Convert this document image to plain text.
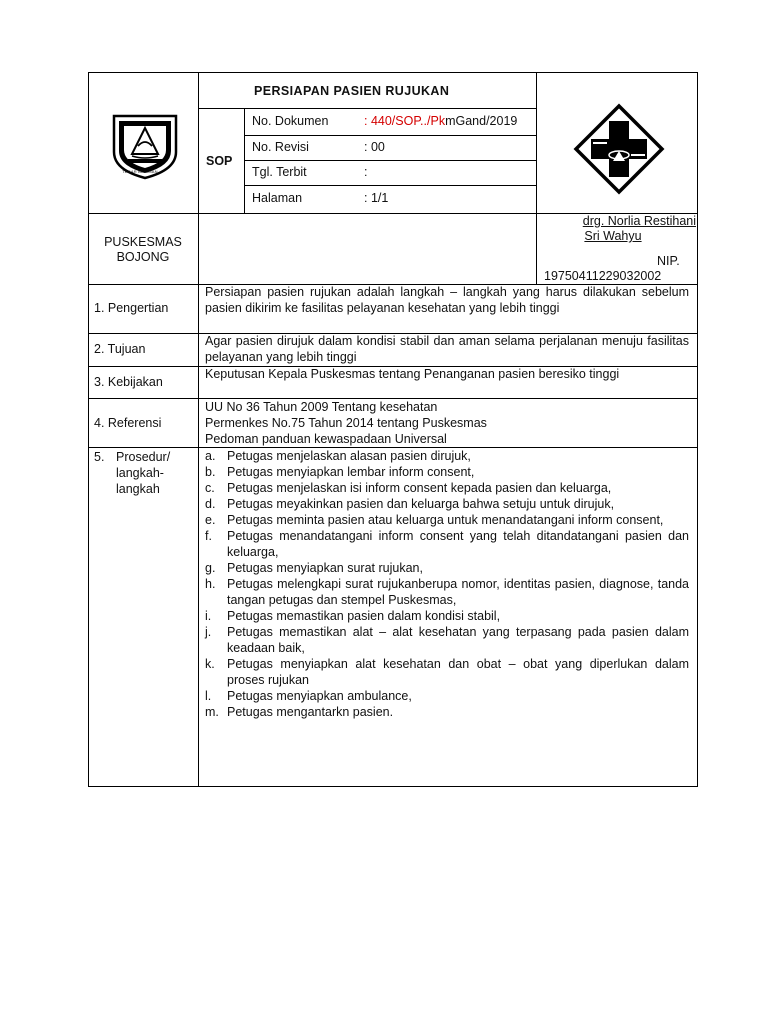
TEGAR BERIMAN
PERSIAPAN PASIEN RUJUKAN
SOP
No. Dokumen	: 440/SOP../PkmGand/2019
No. Revisi	: 00
Tgl. Terbit	:
Halaman	: 1/1
PUSKESMAS
BOJONG
drg. Norlia Restihani
Sri Wahyu
NIP.
19750411229032002
1. Pengertian
Persiapan pasien rujukan adalah langkah – langkah yang harus dilakukan sebelum pasien dikirim ke fasilitas pelayanan kesehatan yang lebih tinggi
2. Tujuan
Agar pasien dirujuk dalam kondisi stabil dan aman selama perjalanan menuju fasilitas pelayanan yang lebih tinggi
3. Kebijakan
Keputusan Kepala Puskesmas tentang Penanganan pasien beresiko tinggi
4. Referensi
UU No 36 Tahun 2009 Tentang kesehatan
Permenkes No.75 Tahun 2014 tentang Puskesmas
Pedoman panduan kewaspadaan Universal
5. Prosedur/
langkah-
langkah
a. Petugas menjelaskan alasan pasien dirujuk,
b. Petugas menyiapkan lembar inform consent,
c. Petugas menjelaskan isi inform consent kepada pasien dan keluarga,
d. Petugas meyakinkan pasien dan keluarga bahwa setuju untuk dirujuk,
e. Petugas meminta pasien atau keluarga untuk menandatangani inform consent,
f. Petugas menandatangani inform consent yang telah ditandatangani pasien dan keluarga,
g. Petugas menyiapkan surat rujukan,
h. Petugas melengkapi surat rujukanberupa nomor, identitas pasien, diagnose, tanda tangan petugas dan stempel Puskesmas,
i. Petugas memastikan pasien dalam kondisi stabil,
j. Petugas memastikan alat – alat kesehatan yang terpasang pada pasien dalam keadaan baik,
k. Petugas menyiapkan alat kesehatan dan obat – obat yang diperlukan dalam proses rujukan
l. Petugas menyiapkan ambulance,
m. Petugas mengantarkn pasien.
